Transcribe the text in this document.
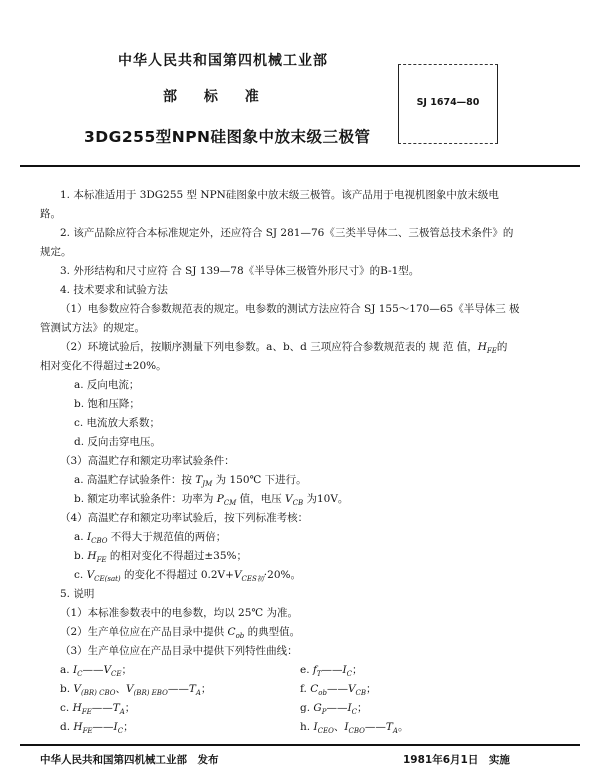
中华人民共和国第四机械工业部
部 标 准
3DG255型NPN硅图象中放末级三极管
SJ 1674—80
1. 本标准适用于 3DG255 型 NPN硅图象中放末级三极管。该产品用于电视机图象中放末级电
路。
2. 该产品除应符合本标准规定外，还应符合 SJ 281—76《三类半导体二、三极管总技术条件》的
规定。
3. 外形结构和尺寸应符 合 SJ 139—78《半导体三极管外形尺寸》的B-1型。
4. 技术要求和试验方法
（1）电参数应符合参数规范表的规定。电参数的测试方法应符合 SJ 155～170—65《半导体三 极
管测试方法》的规定。
（2）环境试验后，按顺序测量下列电参数。a、b、d 三项应符合参数规范表的 规 范 值，$H_{FE}$的
相对变化不得超过±20%。
a. 反向电流；
b. 饱和压降；
c. 电流放大系数；
d. 反向击穿电压。
（3）高温贮存和额定功率试验条件：
a. 高温贮存试验条件：按 $T_{JM}$ 为 150℃ 下进行。
b. 额定功率试验条件：功率为 $P_{CM}$ 值，电压 $V_{CB}$ 为10V。
（4）高温贮存和额定功率试验后，按下列标准考核：
a. $I_{CBO}$ 不得大于规范值的两倍；
b. $H_{FE}$ 的相对变化不得超过±35%；
c. $V_{CE(sat)}$ 的变化不得超过 $0.2V+V_{CES初}\cdot 20\%$。
5. 说明
（1）本标准参数表中的电参数，均以 25℃ 为准。
（2）生产单位应在产品目录中提供 $C_{ob}$ 的典型值。
（3）生产单位应在产品目录中提供下列特性曲线：
a. $I_C——V_{CE}$；
b. $V_{(BR) CBO}$、$V_{(BR) EBO}——T_A$；
c. $H_{FE}——T_A$；
d. $H_{FE}——I_C$；
e. $f_T——I_C$；
f. $C_{ob}——V_{CB}$；
g. $G_P——I_C$；
h. $I_{CEO}$、$I_{CBO}——T_A$。
中华人民共和国第四机械工业部　发布	1981年6月1日　实施
